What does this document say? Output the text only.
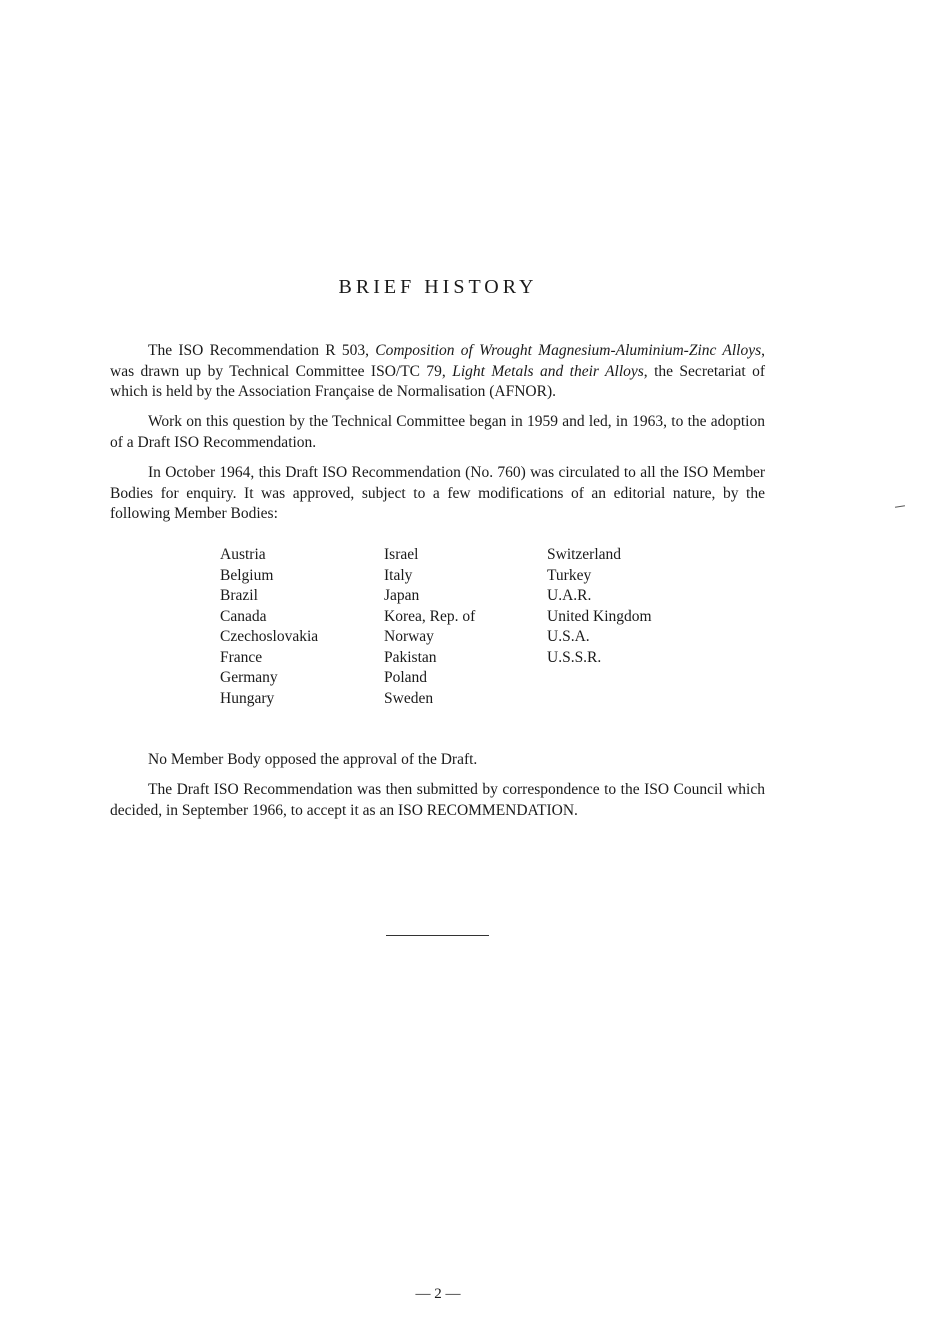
BRIEF HISTORY

The ISO Recommendation R 503, Composition of Wrought Magnesium-Aluminium-Zinc Alloys, was drawn up by Technical Committee ISO/TC 79, Light Metals and their Alloys, the Secretariat of which is held by the Association Française de Normalisation (AFNOR).

Work on this question by the Technical Committee began in 1959 and led, in 1963, to the adoption of a Draft ISO Recommendation.

In October 1964, this Draft ISO Recommendation (No. 760) was circulated to all the ISO Member Bodies for enquiry. It was approved, subject to a few modifications of an editorial nature, by the following Member Bodies:

Austria
Belgium
Brazil
Canada
Czechoslovakia
France
Germany
Hungary
Israel
Italy
Japan
Korea, Rep. of
Norway
Pakistan
Poland
Sweden
Switzerland
Turkey
U.A.R.
United Kingdom
U.S.A.
U.S.S.R.

No Member Body opposed the approval of the Draft.

The Draft ISO Recommendation was then submitted by correspondence to the ISO Council which decided, in September 1966, to accept it as an ISO RECOMMENDATION.

— 2 —
